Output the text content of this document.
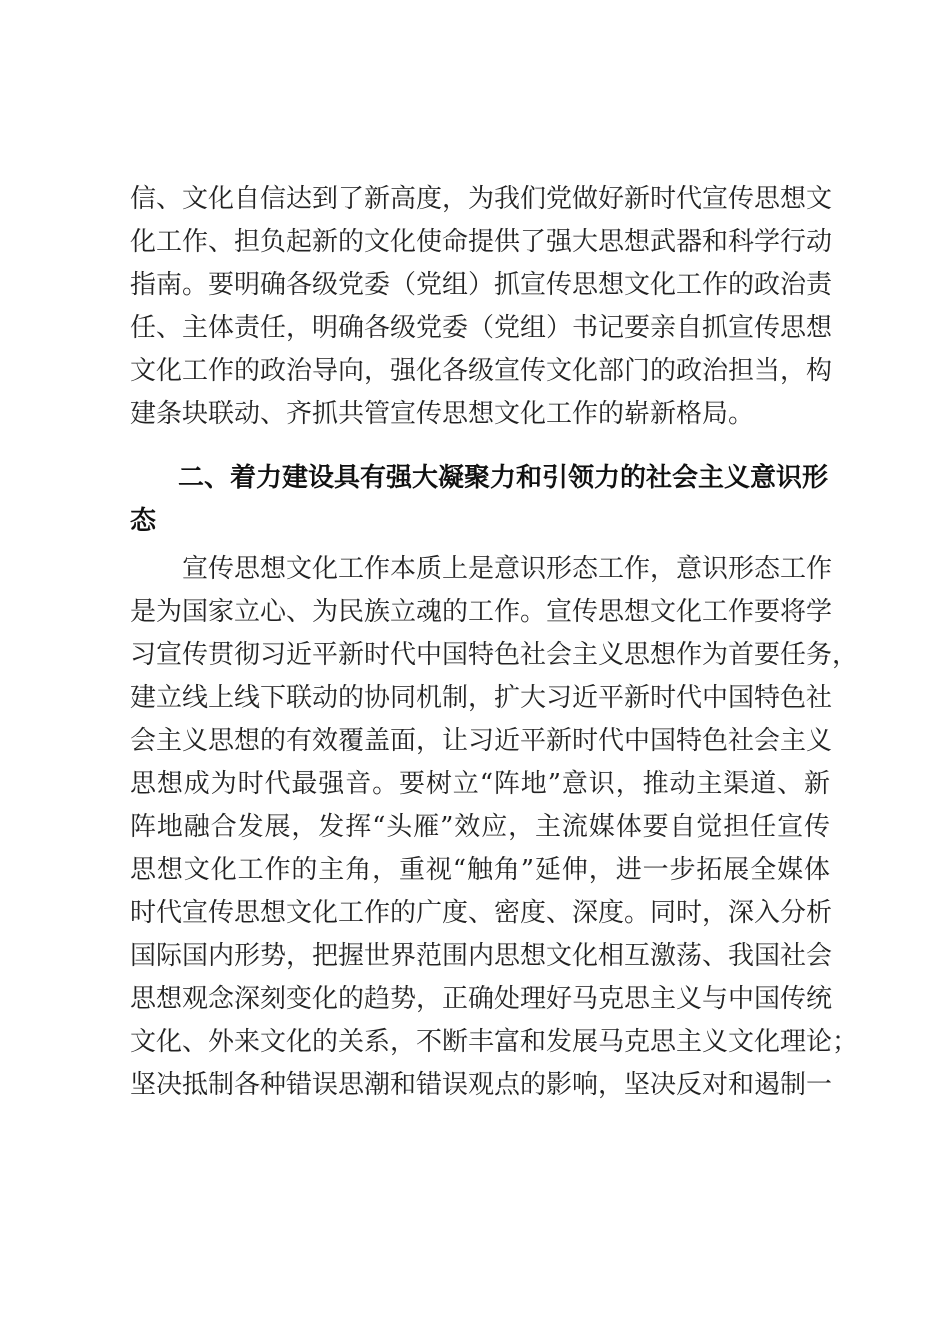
信、文化自信达到了新高度，为我们党做好新时代宣传思想文
化工作、担负起新的文化使命提供了强大思想武器和科学行动
指南。要明确各级党委（党组）抓宣传思想文化工作的政治责
任、主体责任，明确各级党委（党组）书记要亲自抓宣传思想
文化工作的政治导向，强化各级宣传文化部门的政治担当，构
建条块联动、齐抓共管宣传思想文化工作的崭新格局。
二、着力建设具有强大凝聚力和引领力的社会主义意识形
态
宣传思想文化工作本质上是意识形态工作，意识形态工作
是为国家立心、为民族立魂的工作。宣传思想文化工作要将学
习宣传贯彻习近平新时代中国特色社会主义思想作为首要任务，
建立线上线下联动的协同机制，扩大习近平新时代中国特色社
会主义思想的有效覆盖面，让习近平新时代中国特色社会主义
思想成为时代最强音。要树立“阵地”意识，推动主渠道、新
阵地融合发展，发挥“头雁”效应，主流媒体要自觉担任宣传
思想文化工作的主角，重视“触角”延伸，进一步拓展全媒体
时代宣传思想文化工作的广度、密度、深度。同时，深入分析
国际国内形势，把握世界范围内思想文化相互激荡、我国社会
思想观念深刻变化的趋势，正确处理好马克思主义与中国传统
文化、外来文化的关系，不断丰富和发展马克思主义文化理论；
坚决抵制各种错误思潮和错误观点的影响，坚决反对和遏制一
